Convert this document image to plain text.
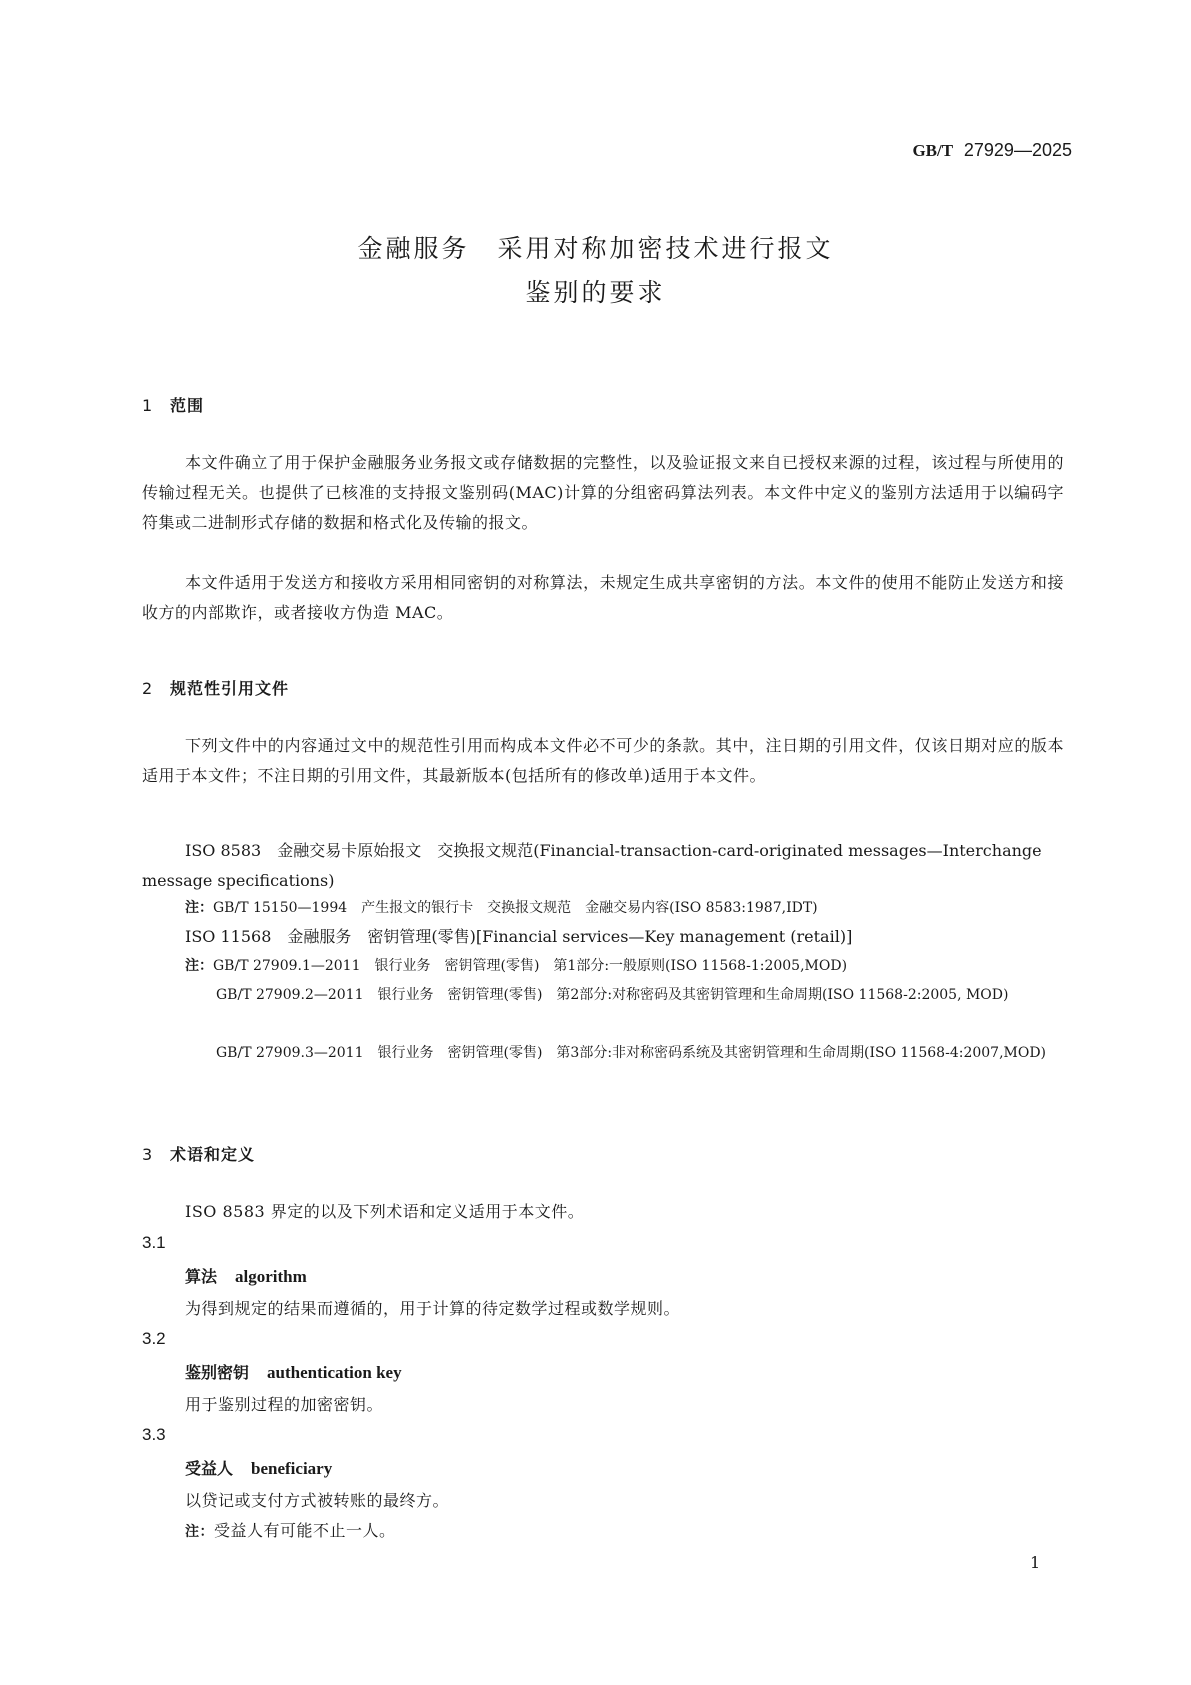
GB/T 27929—2025
金融服务　采用对称加密技术进行报文
鉴别的要求
1 范围
本文件确立了用于保护金融服务业务报文或存储数据的完整性，以及验证报文来自已授权来源的过程，该过程与所使用的传输过程无关。也提供了已核准的支持报文鉴别码(MAC)计算的分组密码算法列表。本文件中定义的鉴别方法适用于以编码字符集或二进制形式存储的数据和格式化及传输的报文。
本文件适用于发送方和接收方采用相同密钥的对称算法，未规定生成共享密钥的方法。本文件的使用不能防止发送方和接收方的内部欺诈，或者接收方伪造 MAC。
2 规范性引用文件
下列文件中的内容通过文中的规范性引用而构成本文件必不可少的条款。其中，注日期的引用文件，仅该日期对应的版本适用于本文件；不注日期的引用文件，其最新版本(包括所有的修改单)适用于本文件。
ISO 8583　金融交易卡原始报文　交换报文规范(Financial-transaction-card-originated messages—Interchange message specifications)
注：GB/T 15150—1994　产生报文的银行卡　交换报文规范　金融交易内容(ISO 8583:1987,IDT)
ISO 11568　金融服务　密钥管理(零售)[Financial services—Key management (retail)]
注：GB/T 27909.1—2011　银行业务　密钥管理(零售)　第1部分:一般原则(ISO 11568-1:2005,MOD)
GB/T 27909.2—2011　银行业务　密钥管理(零售)　第2部分:对称密码及其密钥管理和生命周期(ISO 11568-2:2005, MOD)
GB/T 27909.3—2011　银行业务　密钥管理(零售)　第3部分:非对称密码系统及其密钥管理和生命周期(ISO 11568-4:2007,MOD)
3 术语和定义
ISO 8583 界定的以及下列术语和定义适用于本文件。
3.1
算法 algorithm
为得到规定的结果而遵循的，用于计算的待定数学过程或数学规则。
3.2
鉴别密钥 authentication key
用于鉴别过程的加密密钥。
3.3
受益人 beneficiary
以贷记或支付方式被转账的最终方。
注：受益人有可能不止一人。
1
